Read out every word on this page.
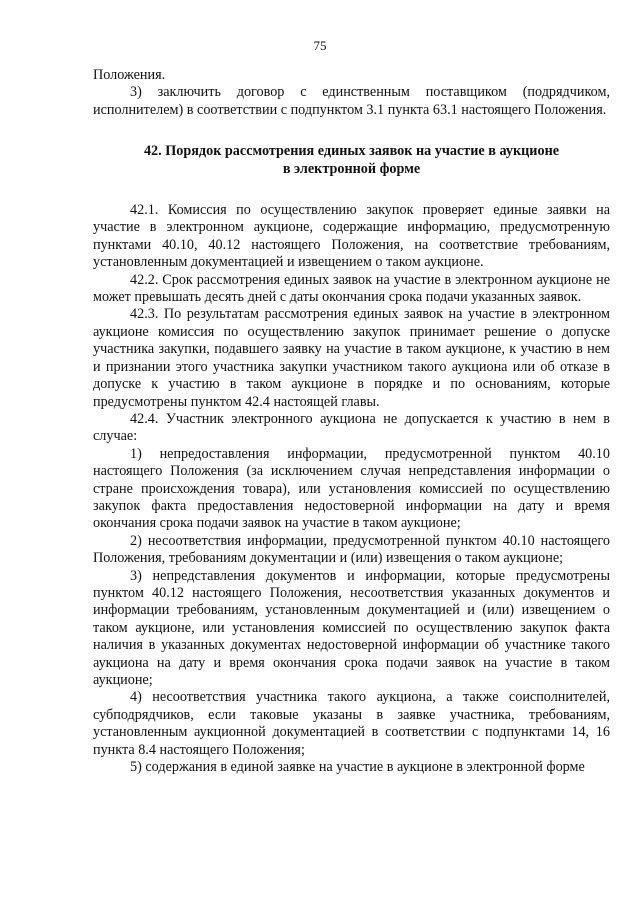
75

Положения.

3) заключить договор с единственным поставщиком (подрядчиком, исполнителем) в соответствии с подпунктом 3.1 пункта 63.1 настоящего Положения.

42. Порядок рассмотрения единых заявок на участие в аукционе
в электронной форме

42.1. Комиссия по осуществлению закупок проверяет единые заявки на участие в электронном аукционе, содержащие информацию, предусмотренную пунктами 40.10, 40.12 настоящего Положения, на соответствие требованиям, установленным документацией и извещением о таком аукционе.

42.2. Срок рассмотрения единых заявок на участие в электронном аукционе не может превышать десять дней с даты окончания срока подачи указанных заявок.

42.3. По результатам рассмотрения единых заявок на участие в электронном аукционе комиссия по осуществлению закупок принимает решение о допуске участника закупки, подавшего заявку на участие в таком аукционе, к участию в нем и признании этого участника закупки участником такого аукциона или об отказе в допуске к участию в таком аукционе в порядке и по основаниям, которые предусмотрены пунктом 42.4 настоящей главы.

42.4. Участник электронного аукциона не допускается к участию в нем в случае:

1) непредоставления информации, предусмотренной пунктом 40.10 настоящего Положения (за исключением случая непредставления информации о стране происхождения товара), или установления комиссией по осуществлению закупок факта предоставления недостоверной информации на дату и время окончания срока подачи заявок на участие в таком аукционе;

2) несоответствия информации, предусмотренной пунктом 40.10 настоящего Положения, требованиям документации и (или) извещения о таком аукционе;

3) непредставления документов и информации, которые предусмотрены пунктом 40.12 настоящего Положения, несоответствия указанных документов и информации требованиям, установленным документацией и (или) извещением о таком аукционе, или установления комиссией по осуществлению закупок факта наличия в указанных документах недостоверной информации об участнике такого аукциона на дату и время окончания срока подачи заявок на участие в таком аукционе;

4) несоответствия участника такого аукциона, а также соисполнителей, субподрядчиков, если таковые указаны в заявке участника, требованиям, установленным аукционной документацией в соответствии с подпунктами 14, 16 пункта 8.4 настоящего Положения;

5) содержания в единой заявке на участие в аукционе в электронной форме
